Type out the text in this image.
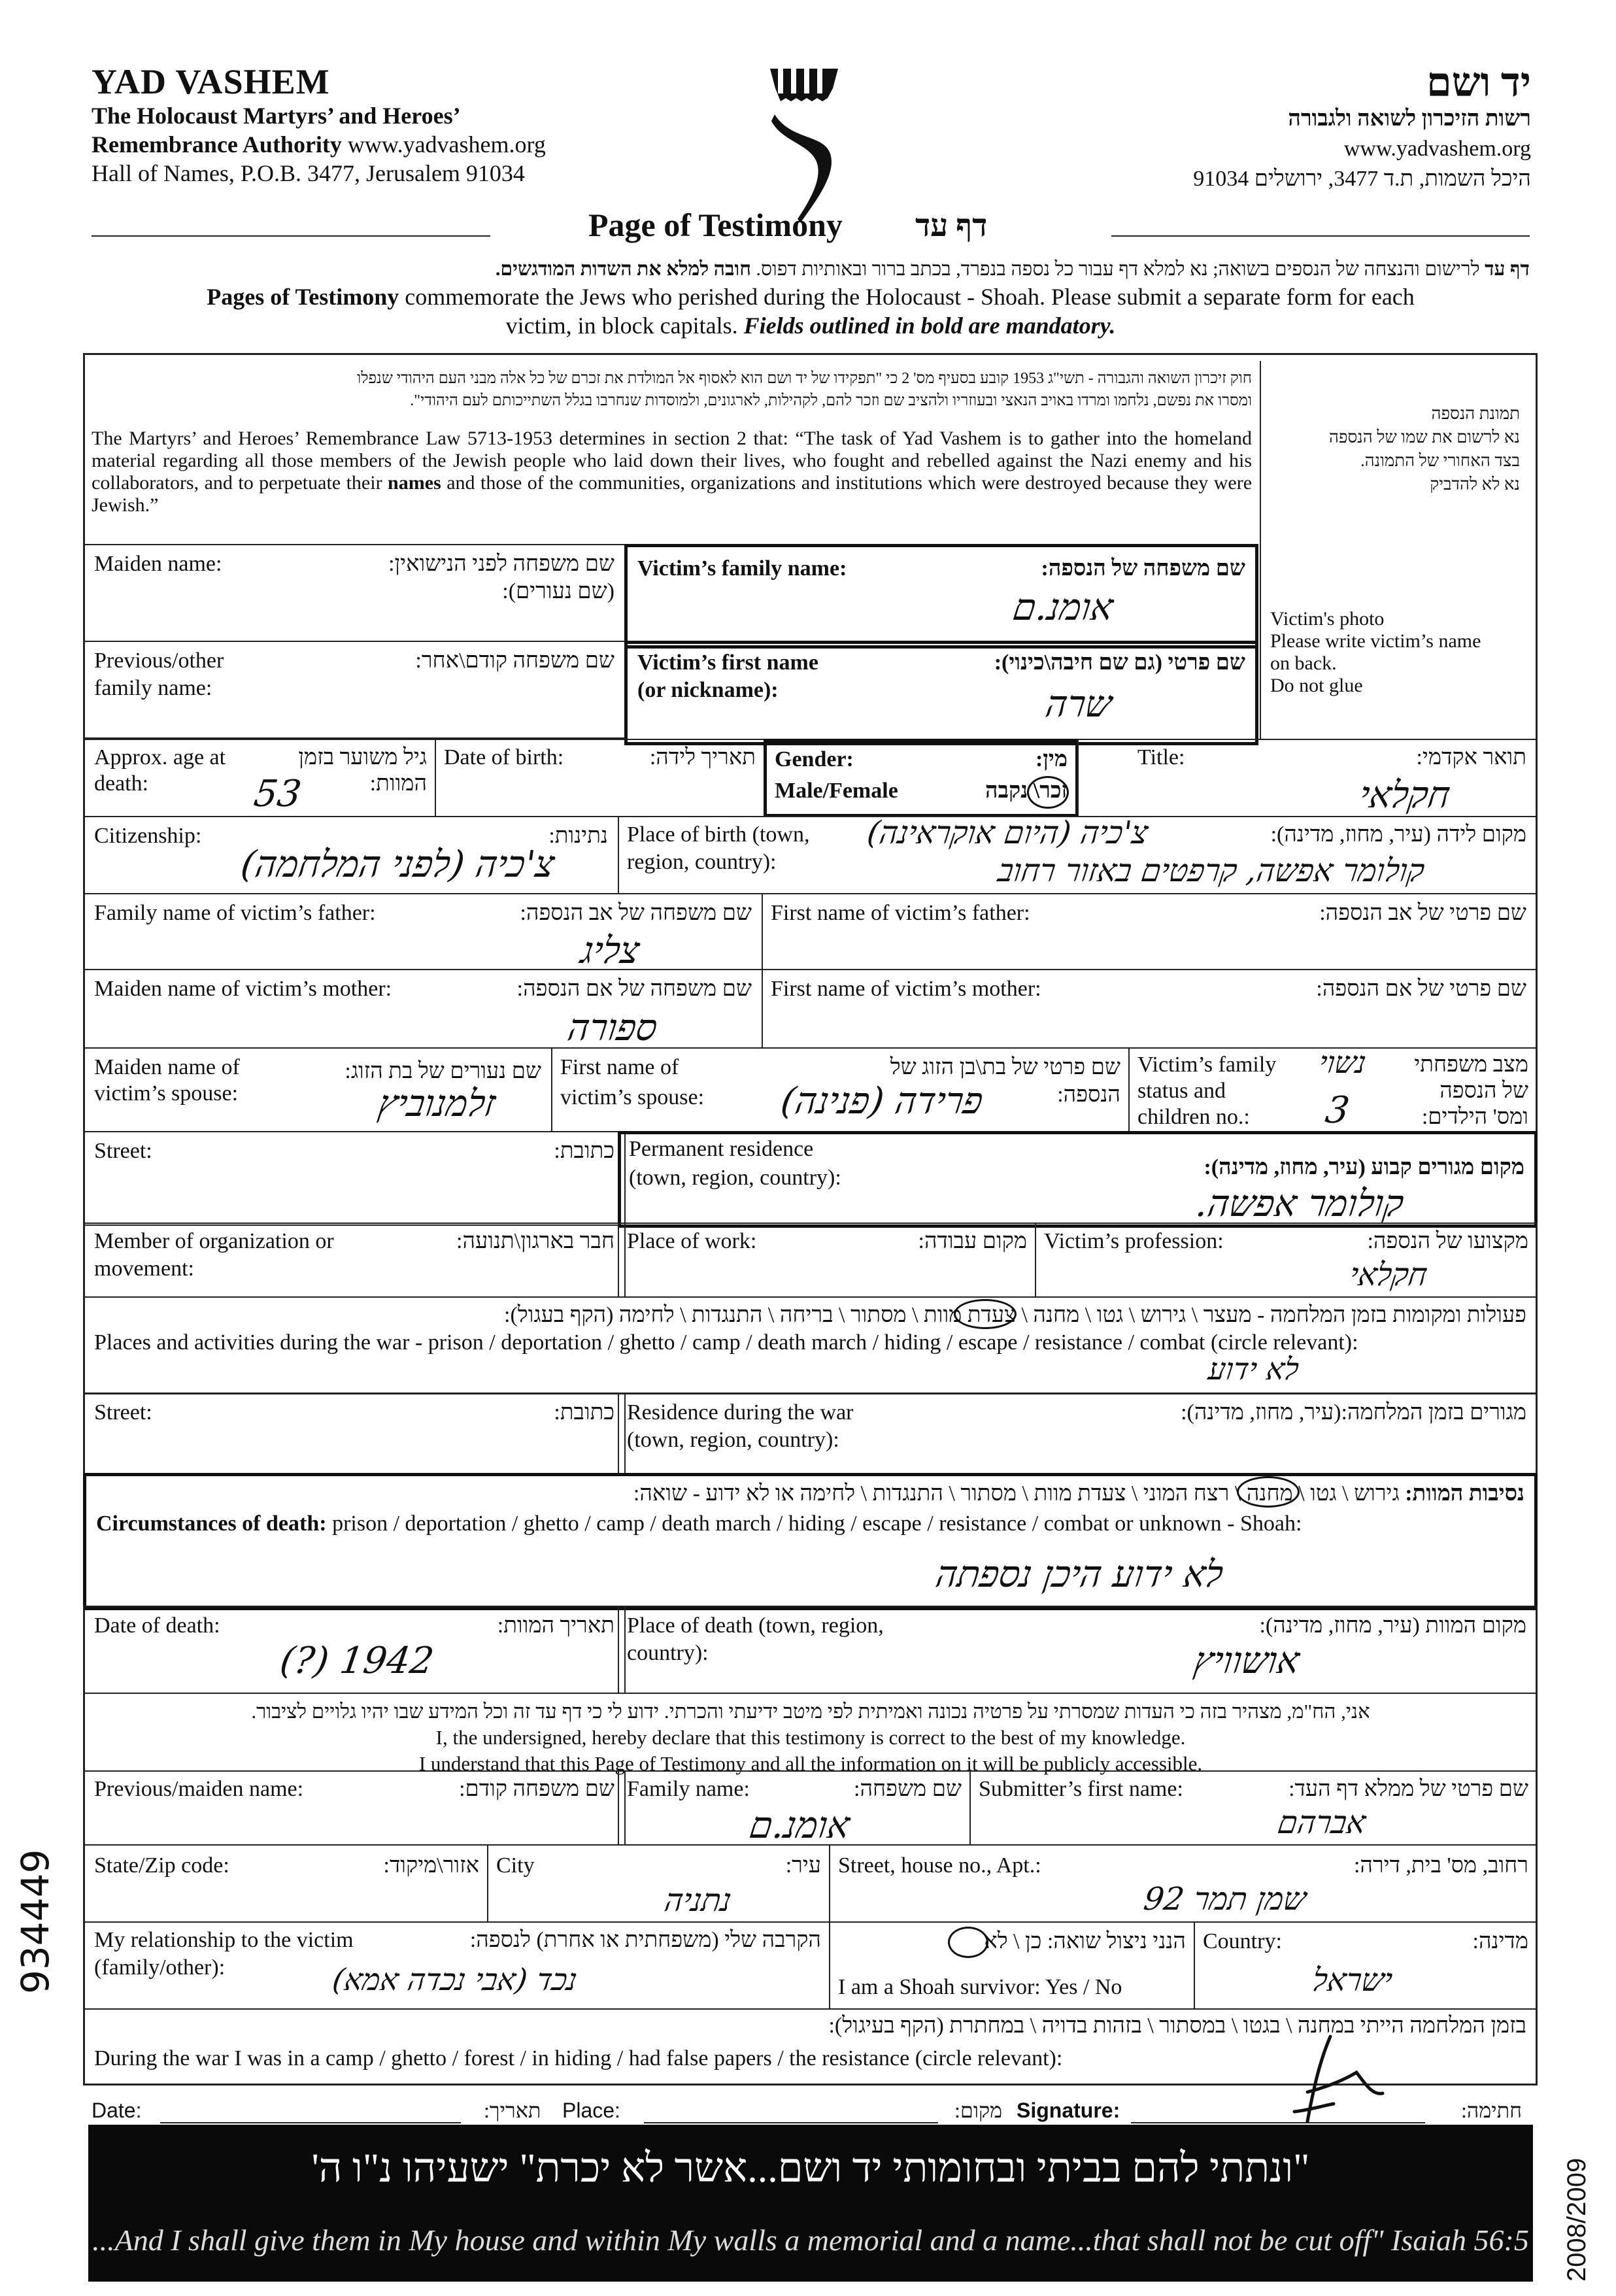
YAD VASHEM
The Holocaust Martyrs’ and Heroes’
Remembrance Authority www.yadvashem.org
Hall of Names, P.O.B. 3477, Jerusalem 91034
יד ושם
רשות הזיכרון לשואה ולגבורה
www.yadvashem.org
היכל השמות, ת.ד 3477, ירושלים 91034
Page of Testimony דף עד
דף עד לרישום והנצחה של הנספים בשואה; נא למלא דף עבור כל נספה בנפרד, בכתב ברור ובאותיות דפוס. חובה למלא את השדות המודגשים.
Pages of Testimony commemorate the Jews who perished during the Holocaust - Shoah. Please submit a separate form for each
victim, in block capitals. Fields outlined in bold are mandatory.
חוק זיכרון השואה והגבורה - תשי"ג 1953 קובע בסעיף מס' 2 כי "תפקידו של יד ושם הוא לאסוף אל המולדת את זכרם של כל אלה מבני העם היהודי שנפלו
ומסרו את נפשם, נלחמו ומרדו באויב הנאצי ובעוזריו ולהציב שם וזכר להם, לקהילות, לארגונים, ולמוסדות שנחרבו בגלל השתייכותם לעם היהודי".
The Martyrs’ and Heroes’ Remembrance Law 5713-1953 determines in section 2 that: “The task of Yad Vashem is to gather into the homeland material regarding all those members of the Jewish people who laid down their lives, who fought and rebelled against the Nazi enemy and his collaborators, and to perpetuate their names and those of the communities, organizations and institutions which were destroyed because they were Jewish.”
תמונת הנספה
נא לרשום את שמו של הנספה
בצד האחורי של התמונה.
נא לא להדביק
Victim's photo
Please write victim’s name
on back.
Do not glue
Maiden name:	שם משפחה לפני הנישואין:
(שם נעורים):
Victim’s family name:	שם משפחה של הנספה:
אומנ.ם
Previous/other
family name:
שם משפחה קודם\אחר: Victim’s first name
(or nickname):
שם פרטי (גם שם חיבה\כינוי):
שרה
Approx. age at
death:
גיל משוער בזמן
המוות:
53
Date of birth:	תאריך לידה: Gender:
Male/Female
מין:
זכר\ נקבה
Title:	תואר אקדמי:
חקלאי
Citizenship:	נתינות:
צ'כיה (לפני המלחמה)
Place of birth (town,
region, country):
מקום לידה (עיר, מחוז, מדינה):
צ'כיה (היום אוקראינה)
קולומר אפשה, קרפטים באזור רחוב
Family name of victim’s father:	שם משפחה של אב הנספה:
צליג
First name of victim’s father:	שם פרטי של אב הנספה:
Maiden name of victim’s mother:	שם משפחה של אם הנספה:
ספורה
First name of victim’s mother:	שם פרטי של אם הנספה:
Maiden name of
victim’s spouse:
שם נעורים של בת הזוג:
זלמנוביץ
First name of
victim’s spouse:
שם פרטי של בת\בן הזוג של
הנספה:
פרידה (פנינה)
Victim’s family
status and
children no.:
מצב משפחתי
של הנספה
ומס' הילדים:
נשוי
3
Street:	כתובת: Permanent residence
(town, region, country):	מקום מגורים קבוע (עיר, מחוז, מדינה):
קולומר אפשה.
Member of organization or
movement:
חבר בארגון\תנועה: Place of work:	מקום עבודה: Victim’s profession:	מקצועו של הנספה:
חקלאי
פעולות ומקומות בזמן המלחמה - מעצר \ גירוש \ גטו \ מחנה \ צעדת מוות \ מסתור \ בריחה \ התנגדות \ לחימה (הקף בעגול):
Places and activities during the war - prison / deportation / ghetto / camp / death march / hiding / escape / resistance / combat (circle relevant):
לא ידוע
Street:	כתובת: Residence during the war
(town, region, country):
מגורים בזמן המלחמה:(עיר, מחוז, מדינה):
נסיבות המוות: גירוש \ גטו \ מחנה \ רצח המוני \ צעדת מוות \ מסתור \ התנגדות \ לחימה או לא ידוע - שואה:
Circumstances of death: prison / deportation / ghetto / camp / death march / hiding / escape / resistance / combat or unknown - Shoah:
לא ידוע היכן נספתה
Date of death:	תאריך המוות:
(?) 1942
Place of death (town, region,
country):
מקום המוות (עיר, מחוז, מדינה):
אושוויץ
אני, הח"מ, מצהיר בזה כי העדות שמסרתי על פרטיה נכונה ואמיתית לפי מיטב ידיעתי והכרתי. ידוע לי כי דף עד זה וכל המידע שבו יהיו גלויים לציבור.
I, the undersigned, hereby declare that this testimony is correct to the best of my knowledge.
I understand that this Page of Testimony and all the information on it will be publicly accessible.
Previous/maiden name:	שם משפחה קודם: Family name:	שם משפחה:
אומנ.ם
Submitter’s first name:	שם פרטי של ממלא דף העד:
אברהם
State/Zip code:	אזור\מיקוד: City	עיר:
נתניה
Street, house no., Apt.:	רחוב, מס' בית, דירה:
שמן תמר 92
My relationship to the victim
(family/other):
הקרבה שלי (משפחתית או אחרת) לנספה:
נכד (אבי נכדה אמא)
הנני ניצול שואה: כן \ לא
I am a Shoah survivor: Yes / No
Country:	מדינה:
ישראל
בזמן המלחמה הייתי במחנה \ בגטו \ במסתור \ בזהות בדויה \ במחתרת (הקף בעיגול):
During the war I was in a camp / ghetto / forest / in hiding / had false papers / the resistance (circle relevant):
Date:	תאריך: Place:	מקום: Signature:	חתימה:
"ונתתי להם בביתי ובחומותי יד ושם...אשר לא יכרת" ישעיהו נ"ו ה'
...And I shall give them in My house and within My walls a memorial and a name...that shall not be cut off" Isaiah 56:5
934449
2008/2009
